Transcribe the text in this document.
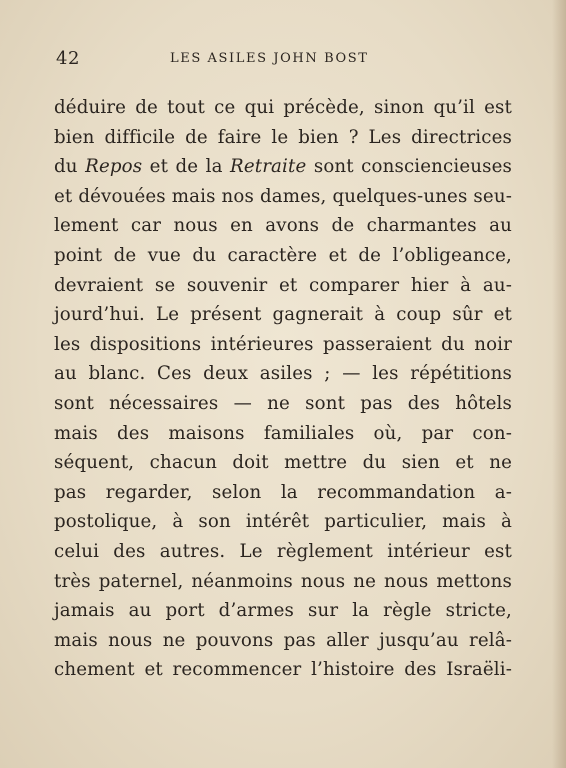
42	LES ASILES JOHN BOST
déduire de tout ce qui précède, sinon qu’il est
bien difficile de faire le bien ? Les directrices
du Repos et de la Retraite sont consciencieuses
et dévouées mais nos dames, quelques-unes seu-
lement car nous en avons de charmantes au
point de vue du caractère et de l’obligeance,
devraient se souvenir et comparer hier à au-
jourd’hui. Le présent gagnerait à coup sûr et
les dispositions intérieures passeraient du noir
au blanc. Ces deux asiles ; — les répétitions
sont nécessaires — ne sont pas des hôtels
mais des maisons familiales où, par con-
séquent, chacun doit mettre du sien et ne
pas regarder, selon la recommandation a-
postolique, à son intérêt particulier, mais à
celui des autres. Le règlement intérieur est
très paternel, néanmoins nous ne nous mettons
jamais au port d’armes sur la règle stricte,
mais nous ne pouvons pas aller jusqu’au relâ-
chement et recommencer l’histoire des Israëli-
